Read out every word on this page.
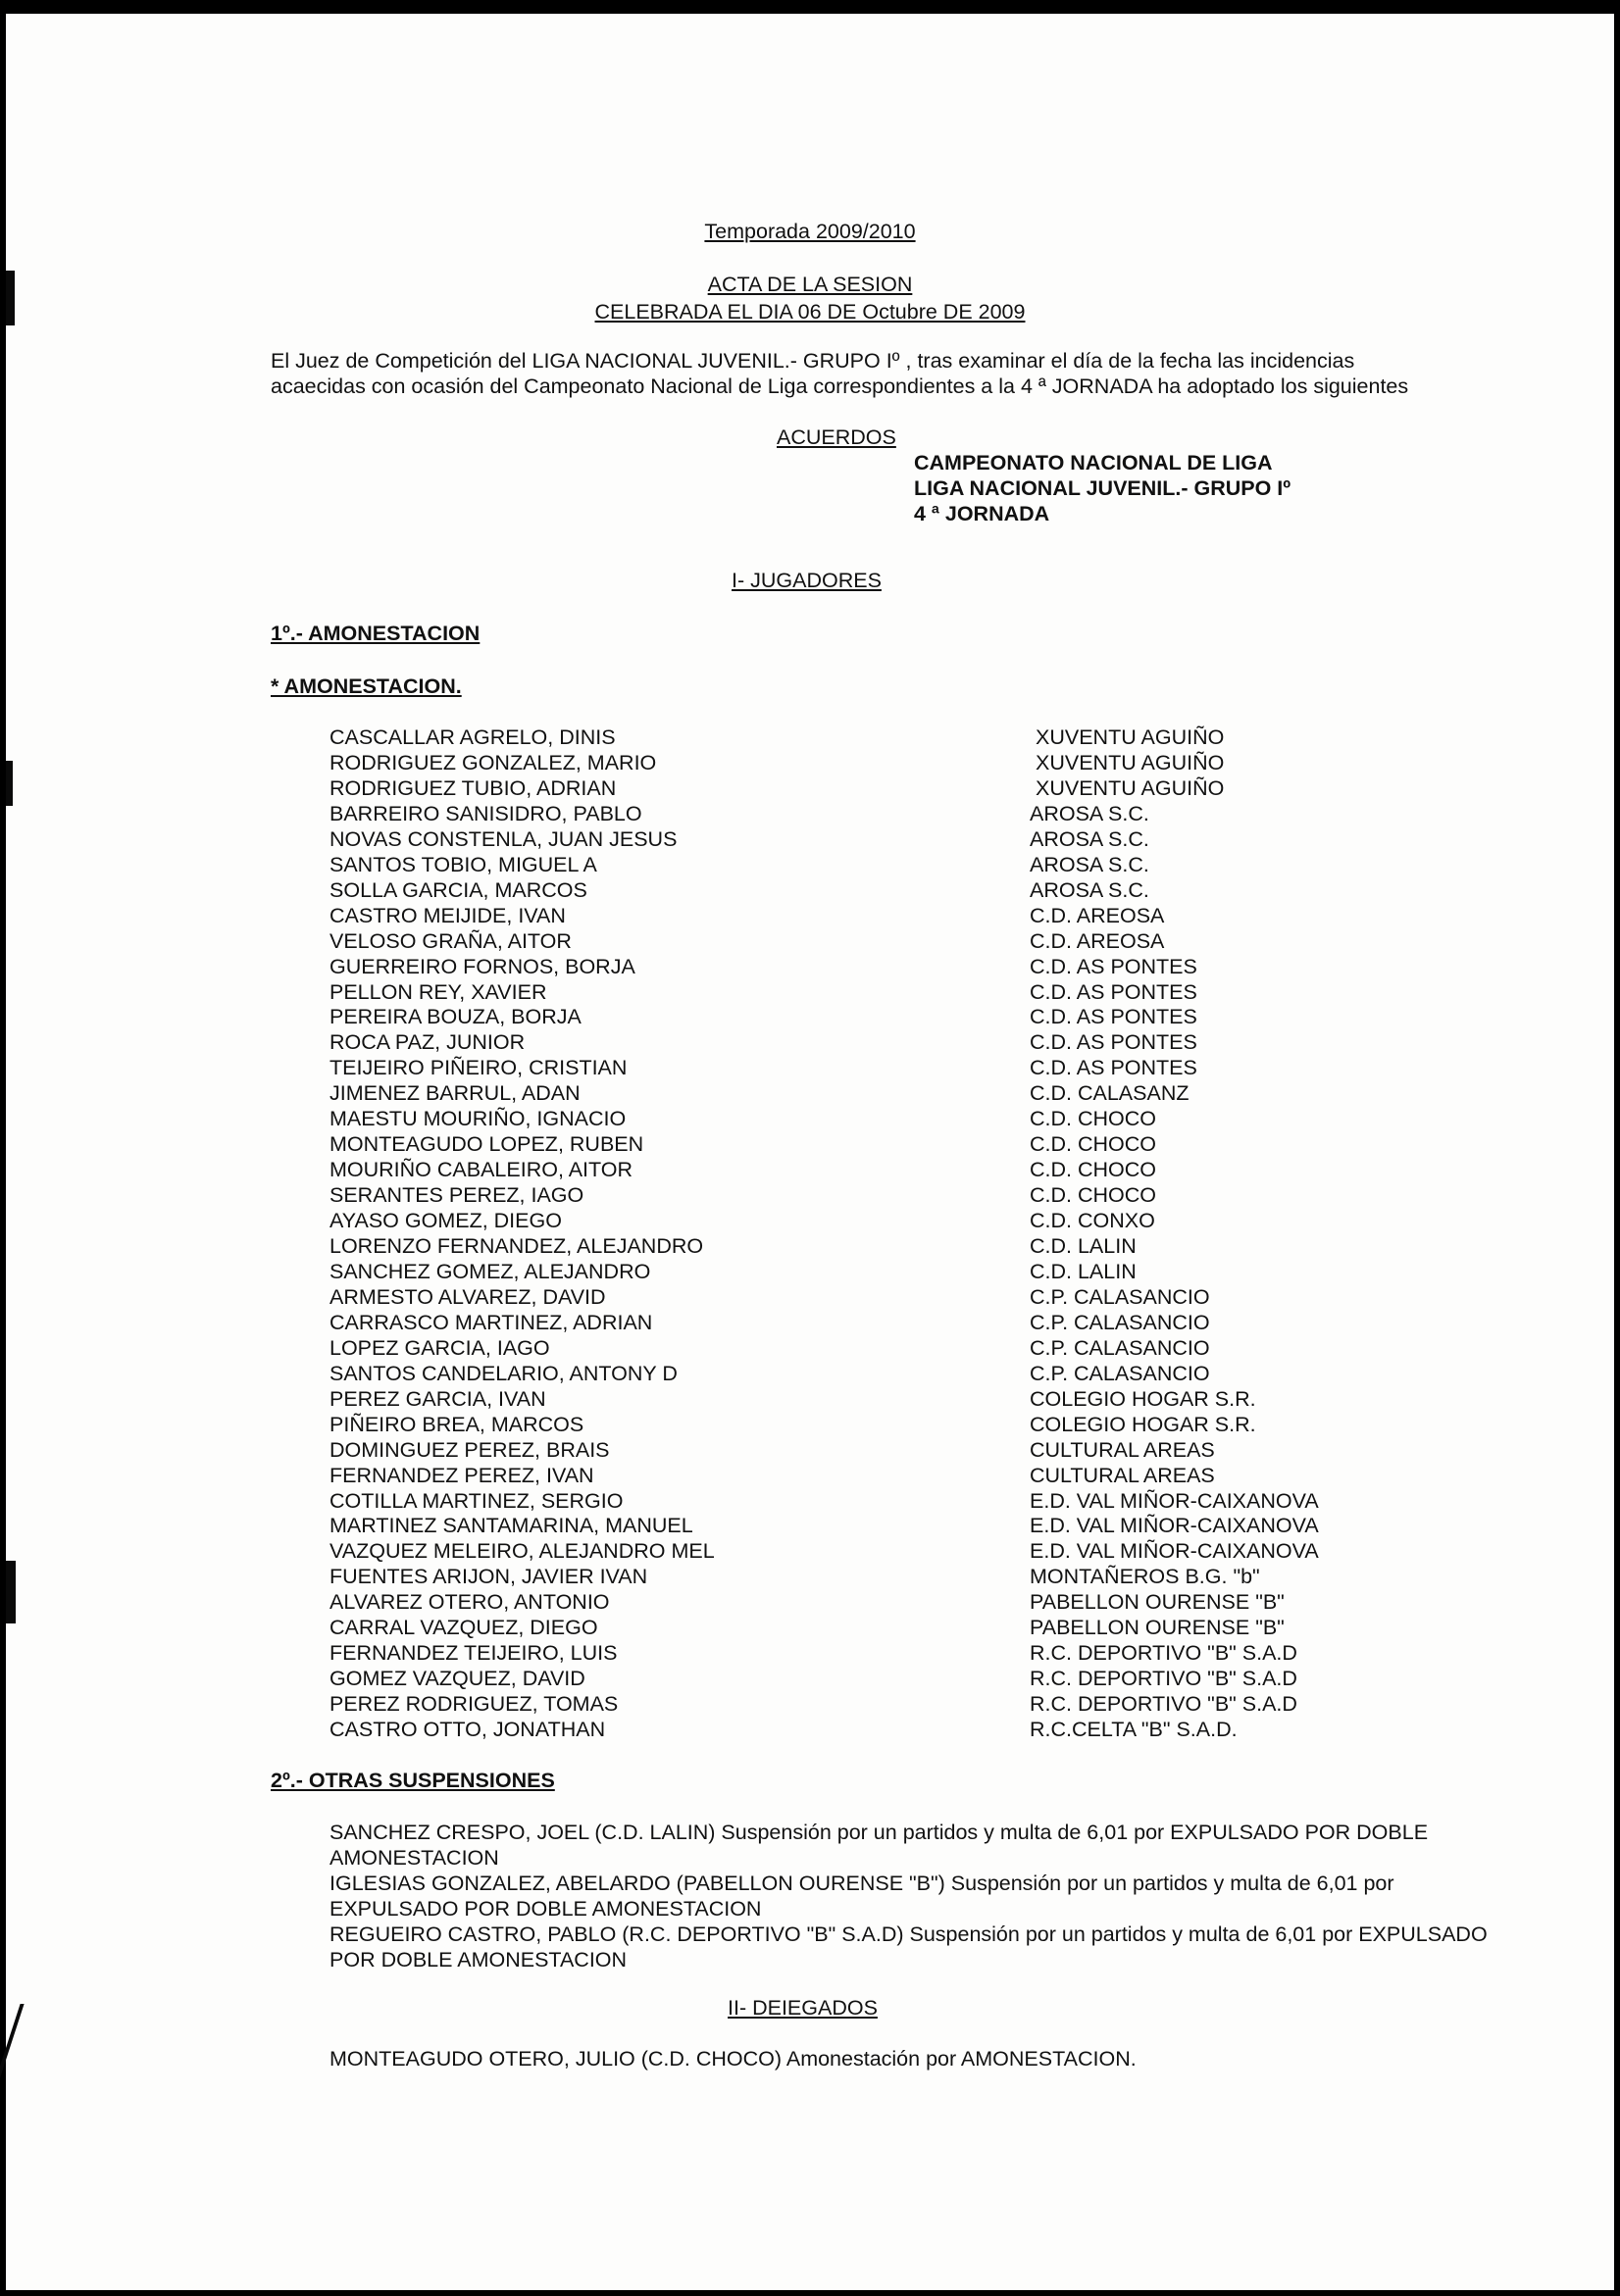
Temporada 2009/2010
ACTA DE LA SESION
CELEBRADA EL DIA 06 DE Octubre DE 2009
El Juez de Competición del LIGA NACIONAL JUVENIL.- GRUPO Iº , tras examinar el día de la fecha las incidencias
acaecidas con ocasión del Campeonato Nacional de Liga correspondientes a la 4 ª JORNADA ha adoptado los siguientes
ACUERDOS
CAMPEONATO NACIONAL DE LIGA
LIGA NACIONAL JUVENIL.- GRUPO Iº
4 ª JORNADA
I- JUGADORES
1º.- AMONESTACION
* AMONESTACION.
CASCALLAR AGRELO, DINIS	XUVENTU AGUIÑO
RODRIGUEZ GONZALEZ, MARIO	XUVENTU AGUIÑO
RODRIGUEZ TUBIO, ADRIAN	XUVENTU AGUIÑO
BARREIRO SANISIDRO, PABLO	AROSA S.C.
NOVAS CONSTENLA, JUAN JESUS	AROSA S.C.
SANTOS TOBIO, MIGUEL A	AROSA S.C.
SOLLA GARCIA, MARCOS	AROSA S.C.
CASTRO MEIJIDE, IVAN	C.D. AREOSA
VELOSO GRAÑA, AITOR	C.D. AREOSA
GUERREIRO FORNOS, BORJA	C.D. AS PONTES
PELLON REY, XAVIER	C.D. AS PONTES
PEREIRA BOUZA, BORJA	C.D. AS PONTES
ROCA PAZ, JUNIOR	C.D. AS PONTES
TEIJEIRO PIÑEIRO, CRISTIAN	C.D. AS PONTES
JIMENEZ BARRUL, ADAN	C.D. CALASANZ
MAESTU MOURIÑO, IGNACIO	C.D. CHOCO
MONTEAGUDO LOPEZ, RUBEN	C.D. CHOCO
MOURIÑO CABALEIRO, AITOR	C.D. CHOCO
SERANTES PEREZ, IAGO	C.D. CHOCO
AYASO GOMEZ, DIEGO	C.D. CONXO
LORENZO FERNANDEZ, ALEJANDRO	C.D. LALIN
SANCHEZ GOMEZ, ALEJANDRO	C.D. LALIN
ARMESTO ALVAREZ, DAVID	C.P. CALASANCIO
CARRASCO MARTINEZ, ADRIAN	C.P. CALASANCIO
LOPEZ GARCIA, IAGO	C.P. CALASANCIO
SANTOS CANDELARIO, ANTONY D	C.P. CALASANCIO
PEREZ GARCIA, IVAN	COLEGIO HOGAR S.R.
PIÑEIRO BREA, MARCOS	COLEGIO HOGAR S.R.
DOMINGUEZ PEREZ, BRAIS	CULTURAL AREAS
FERNANDEZ PEREZ, IVAN	CULTURAL AREAS
COTILLA MARTINEZ, SERGIO	E.D. VAL MIÑOR-CAIXANOVA
MARTINEZ SANTAMARINA, MANUEL	E.D. VAL MIÑOR-CAIXANOVA
VAZQUEZ MELEIRO, ALEJANDRO MEL	E.D. VAL MIÑOR-CAIXANOVA
FUENTES ARIJON, JAVIER IVAN	MONTAÑEROS B.G. "b"
ALVAREZ OTERO, ANTONIO	PABELLON OURENSE "B"
CARRAL VAZQUEZ, DIEGO	PABELLON OURENSE "B"
FERNANDEZ TEIJEIRO, LUIS	R.C. DEPORTIVO "B" S.A.D
GOMEZ VAZQUEZ, DAVID	R.C. DEPORTIVO "B" S.A.D
PEREZ RODRIGUEZ, TOMAS	R.C. DEPORTIVO "B" S.A.D
CASTRO OTTO, JONATHAN	R.C.CELTA "B" S.A.D.
2º.- OTRAS SUSPENSIONES
SANCHEZ CRESPO, JOEL (C.D. LALIN) Suspensión por un partidos y multa de 6,01 por EXPULSADO POR DOBLE AMONESTACION
IGLESIAS GONZALEZ, ABELARDO (PABELLON OURENSE "B") Suspensión por un partidos y multa de 6,01 por EXPULSADO POR DOBLE AMONESTACION
REGUEIRO CASTRO, PABLO (R.C. DEPORTIVO "B" S.A.D) Suspensión por un partidos y multa de 6,01 por EXPULSADO POR DOBLE AMONESTACION
II- DEIEGADOS
MONTEAGUDO OTERO, JULIO (C.D. CHOCO) Amonestación por AMONESTACION.
